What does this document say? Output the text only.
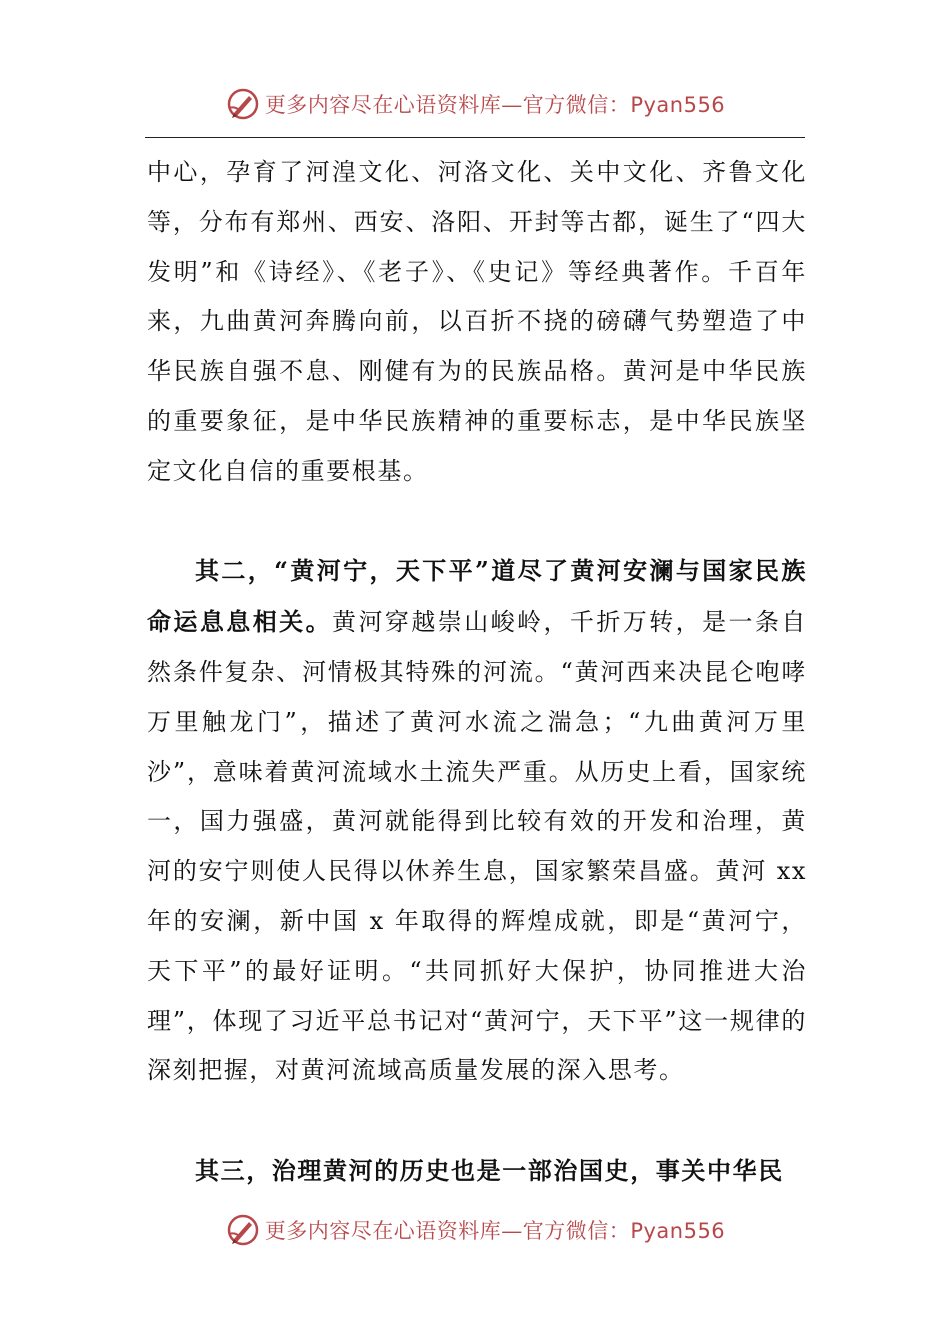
更多内容尽在心语资料库—官方微信：Pyan556

中心，孕育了河湟文化、河洛文化、关中文化、齐鲁文化等，分布有郑州、西安、洛阳、开封等古都，诞生了“四大发明”和《诗经》、《老子》、《史记》等经典著作。千百年来，九曲黄河奔腾向前，以百折不挠的磅礴气势塑造了中华民族自强不息、刚健有为的民族品格。黄河是中华民族的重要象征，是中华民族精神的重要标志，是中华民族坚定文化自信的重要根基。

其二，“黄河宁，天下平”道尽了黄河安澜与国家民族命运息息相关。黄河穿越崇山峻岭，千折万转，是一条自然条件复杂、河情极其特殊的河流。“黄河西来决昆仑咆哮万里触龙门”，描述了黄河水流之湍急；“九曲黄河万里沙”，意味着黄河流域水土流失严重。从历史上看，国家统一，国力强盛，黄河就能得到比较有效的开发和治理，黄河的安宁则使人民得以休养生息，国家繁荣昌盛。黄河 xx 年的安澜，新中国 x 年取得的辉煌成就，即是“黄河宁，天下平”的最好证明。“共同抓好大保护，协同推进大治理”，体现了习近平总书记对“黄河宁，天下平”这一规律的深刻把握，对黄河流域高质量发展的深入思考。

其三，治理黄河的历史也是一部治国史，事关中华民

更多内容尽在心语资料库—官方微信：Pyan556
